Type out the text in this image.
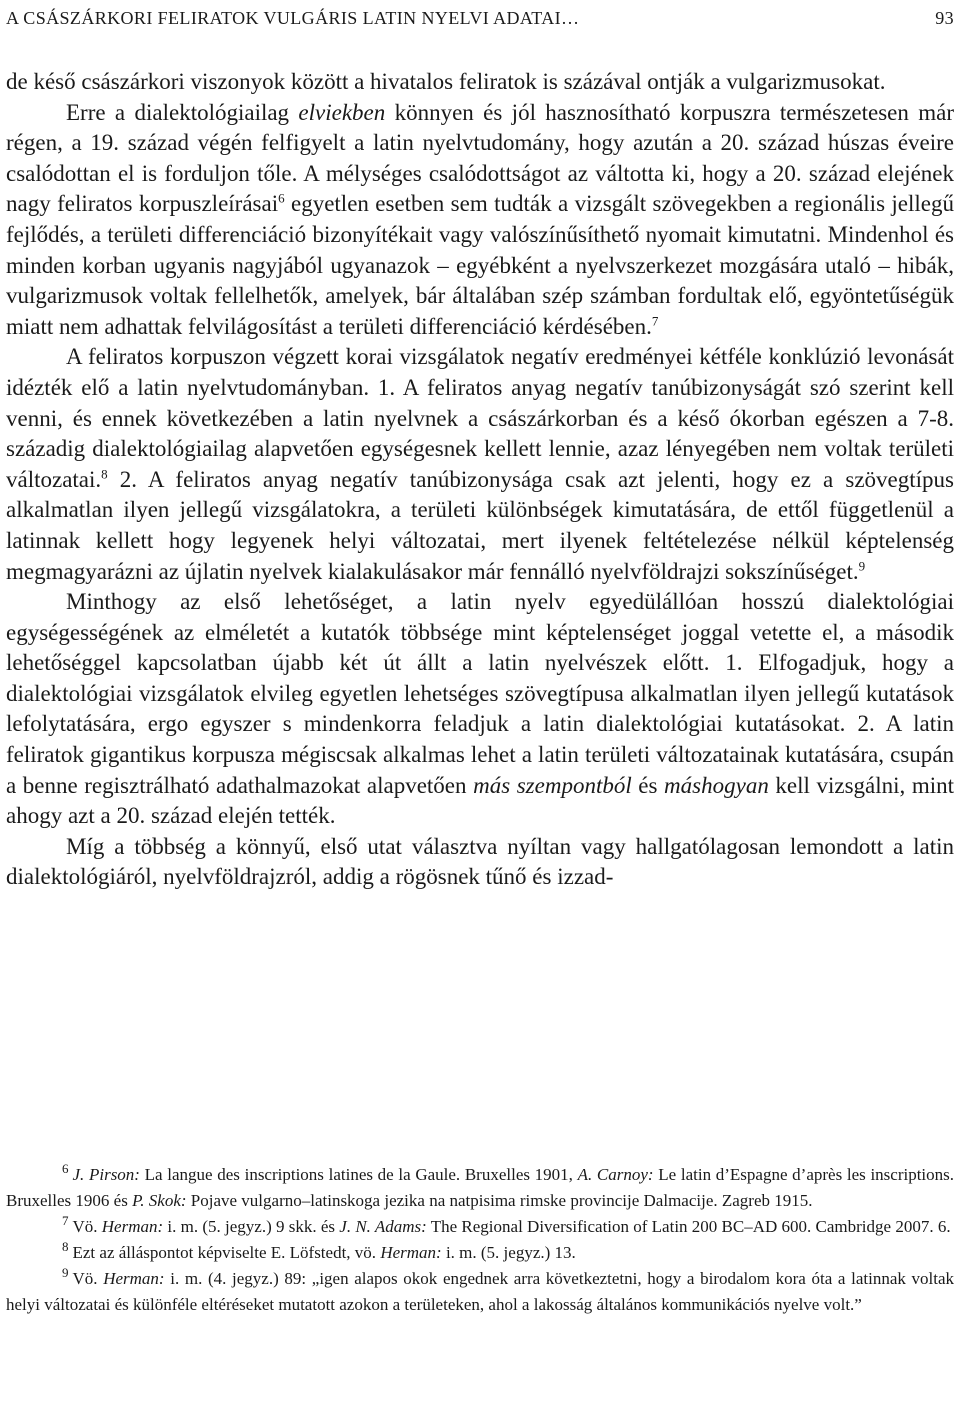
A CSÁSZÁRKORI FELIRATOK VULGÁRIS LATIN NYELVI ADATAI…	93

de késő császárkori viszonyok között a hivatalos feliratok is százával ontják a vulgarizmusokat.

Erre a dialektológiailag elviekben könnyen és jól hasznosítható korpuszra természetesen már régen, a 19. század végén felfigyelt a latin nyelvtudomány, hogy azután a 20. század húszas éveire csalódottan el is forduljon tőle. A mélységes csalódottságot az váltotta ki, hogy a 20. század elejének nagy feliratos korpuszleírásai$^6$ egyetlen esetben sem tudták a vizsgált szövegekben a regionális jellegű fejlődés, a területi differenciáció bizonyítékait vagy valószínűsíthető nyomait kimutatni. Mindenhol és minden korban ugyanis nagyjából ugyanazok – egyébként a nyelvszerkezet mozgására utaló – hibák, vulgarizmusok voltak fellelhetők, amelyek, bár általában szép számban fordultak elő, egyöntetűségük miatt nem adhattak felvilágosítást a területi differenciáció kérdésében.$^7$

A feliratos korpuszon végzett korai vizsgálatok negatív eredményei kétféle konklúzió levonását idézték elő a latin nyelvtudományban. 1. A feliratos anyag negatív tanúbizonyságát szó szerint kell venni, és ennek következében a latin nyelvnek a császárkorban és a késő ókorban egészen a 7-8. századig dialektológiailag alapvetően egységesnek kellett lennie, azaz lényegében nem voltak területi változatai.$^8$ 2. A feliratos anyag negatív tanúbizonysága csak azt jelenti, hogy ez a szövegtípus alkalmatlan ilyen jellegű vizsgálatokra, a területi különbségek kimutatására, de ettől függetlenül a latinnak kellett hogy legyenek helyi változatai, mert ilyenek feltételezése nélkül képtelenség megmagyarázni az újlatin nyelvek kialakulásakor már fennálló nyelvföldrajzi sokszínűséget.$^9$

Minthogy az első lehetőséget, a latin nyelv egyedülállóan hosszú dialektológiai egységességének az elméletét a kutatók többsége mint képtelenséget joggal vetette el, a második lehetőséggel kapcsolatban újabb két út állt a latin nyelvészek előtt. 1. Elfogadjuk, hogy a dialektológiai vizsgálatok elvileg egyetlen lehetséges szövegtípusa alkalmatlan ilyen jellegű kutatások lefolytatására, ergo egyszer s mindenkorra feladjuk a latin dialektológiai kutatásokat. 2. A latin feliratok gigantikus korpusza mégiscsak alkalmas lehet a latin területi változatainak kutatására, csupán a benne regisztrálható adathalmazokat alapvetően más szempontból és máshogyan kell vizsgálni, mint ahogy azt a 20. század elején tették.

Míg a többség a könnyű, első utat választva nyíltan vagy hallgatólagosan lemondott a latin dialektológiáról, nyelvföldrajzról, addig a rögösnek tűnő és izzad-

$^6$ J. Pirson: La langue des inscriptions latines de la Gaule. Bruxelles 1901, A. Carnoy: Le latin d’Espagne d’après les inscriptions. Bruxelles 1906 és P. Skok: Pojave vulgarno–latinskoga jezika na natpisima rimske provincije Dalmacije. Zagreb 1915.

$^7$ Vö. Herman: i. m. (5. jegyz.) 9 skk. és J. N. Adams: The Regional Diversification of Latin 200 BC–AD 600. Cambridge 2007. 6.

$^8$ Ezt az álláspontot képviselte E. Löfstedt, vö. Herman: i. m. (5. jegyz.) 13.

$^9$ Vö. Herman: i. m. (4. jegyz.) 89: „igen alapos okok engednek arra következtetni, hogy a birodalom kora óta a latinnak voltak helyi változatai és különféle eltéréseket mutatott azokon a területeken, ahol a lakosság általános kommunikációs nyelve volt.”
